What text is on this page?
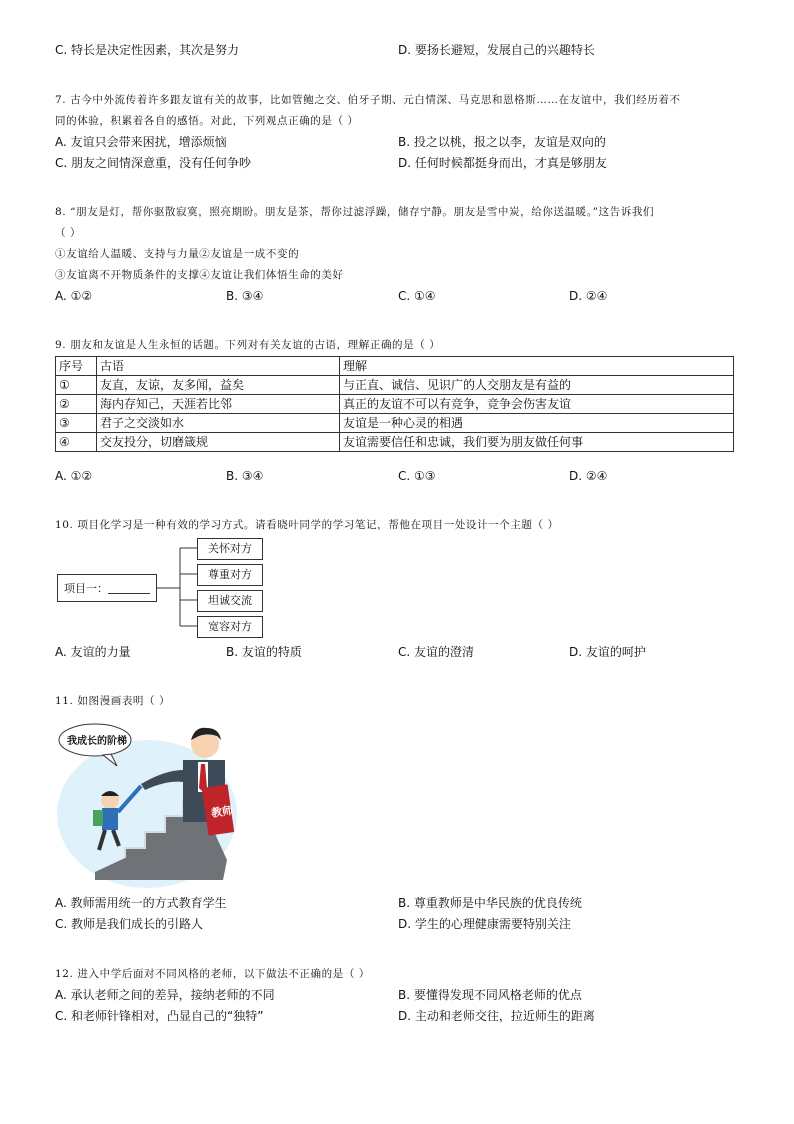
C. 特长是决定性因素，其次是努力	D. 要扬长避短，发展自己的兴趣特长
7. 古今中外流传着许多跟友谊有关的故事，比如管鲍之交、伯牙子期、元白情深、马克思和恩格斯……在友谊中，我们经历着不
同的体验，积累着各自的感悟。对此，下列观点正确的是（ ）
A. 友谊只会带来困扰，增添烦恼	B. 投之以桃，报之以李，友谊是双向的
C. 朋友之间情深意重，没有任何争吵	D. 任何时候都挺身而出，才真是够朋友
8. “朋友是灯，帮你驱散寂寞，照亮期盼。朋友是茶，帮你过滤浮躁，储存宁静。朋友是雪中炭，给你送温暖。”这告诉我们
（ ）
①友谊给人温暖、支持与力量②友谊是一成不变的
③友谊离不开物质条件的支撑④友谊让我们体悟生命的美好
A. ①②	B. ③④	C. ①④	D. ②④
9. 朋友和友谊是人生永恒的话题。下列对有关友谊的古语，理解正确的是（ ）
序号	古语	理解
①	友直，友谅，友多闻，益矣	与正直、诚信、见识广的人交朋友是有益的
②	海内存知己，天涯若比邻	真正的友谊不可以有竞争，竞争会伤害友谊
③	君子之交淡如水	友谊是一种心灵的相遇
④	交友投分，切磨箴规	友谊需要信任和忠诚，我们要为朋友做任何事
A. ①②	B. ③④	C. ①③	D. ②④
10. 项目化学习是一种有效的学习方式。请看晓叶同学的学习笔记，帮他在项目一处设计一个主题（ ）
项目一：
关怀对方
尊重对方
坦诚交流
宽容对方
A. 友谊的力量	B. 友谊的特质	C. 友谊的澄清	D. 友谊的呵护
11. 如图漫画表明（ ）
教师
我成长的阶梯
A. 教师需用统一的方式教育学生	B. 尊重教师是中华民族的优良传统
C. 教师是我们成长的引路人	D. 学生的心理健康需要特别关注
12. 进入中学后面对不同风格的老师，以下做法不正确的是（ ）
A. 承认老师之间的差异，接纳老师的不同	B. 要懂得发现不同风格老师的优点
C. 和老师针锋相对，凸显自己的“独特”	D. 主动和老师交往，拉近师生的距离
